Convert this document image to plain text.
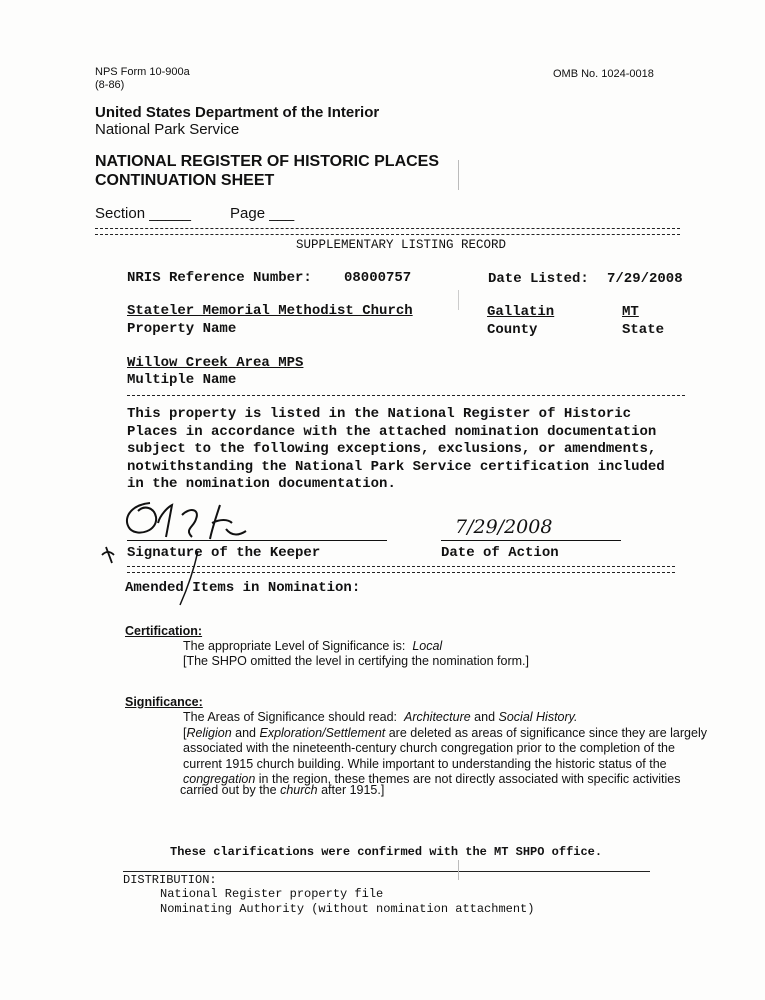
NPS Form 10-900a
(8-86)
OMB No. 1024-0018
United States Department of the Interior
National Park Service
NATIONAL REGISTER OF HISTORIC PLACES
CONTINUATION SHEET
Section _____	Page ___
SUPPLEMENTARY LISTING RECORD
NRIS Reference Number: 08000757	Date Listed: 7/29/2008
Stateler Memorial Methodist Church
Property Name
Gallatin
County
MT
State
Willow Creek Area MPS
Multiple Name
This property is listed in the National Register of Historic
Places in accordance with the attached nomination documentation
subject to the following exceptions, exclusions, or amendments,
notwithstanding the National Park Service certification included
in the nomination documentation.
Signature of the Keeper
7/29/2008
Date of Action
Amended Items in Nomination:
Certification:
The appropriate Level of Significance is: Local
[The SHPO omitted the level in certifying the nomination form.]
Significance:
The Areas of Significance should read: Architecture and Social History.
[Religion and Exploration/Settlement are deleted as areas of significance since they are largely
associated with the nineteenth-century church congregation prior to the completion of the
current 1915 church building. While important to understanding the historic status of the
congregation in the region, these themes are not directly associated with specific activities
carried out by the church after 1915.]
These clarifications were confirmed with the MT SHPO office.
DISTRIBUTION:
National Register property file
Nominating Authority (without nomination attachment)
